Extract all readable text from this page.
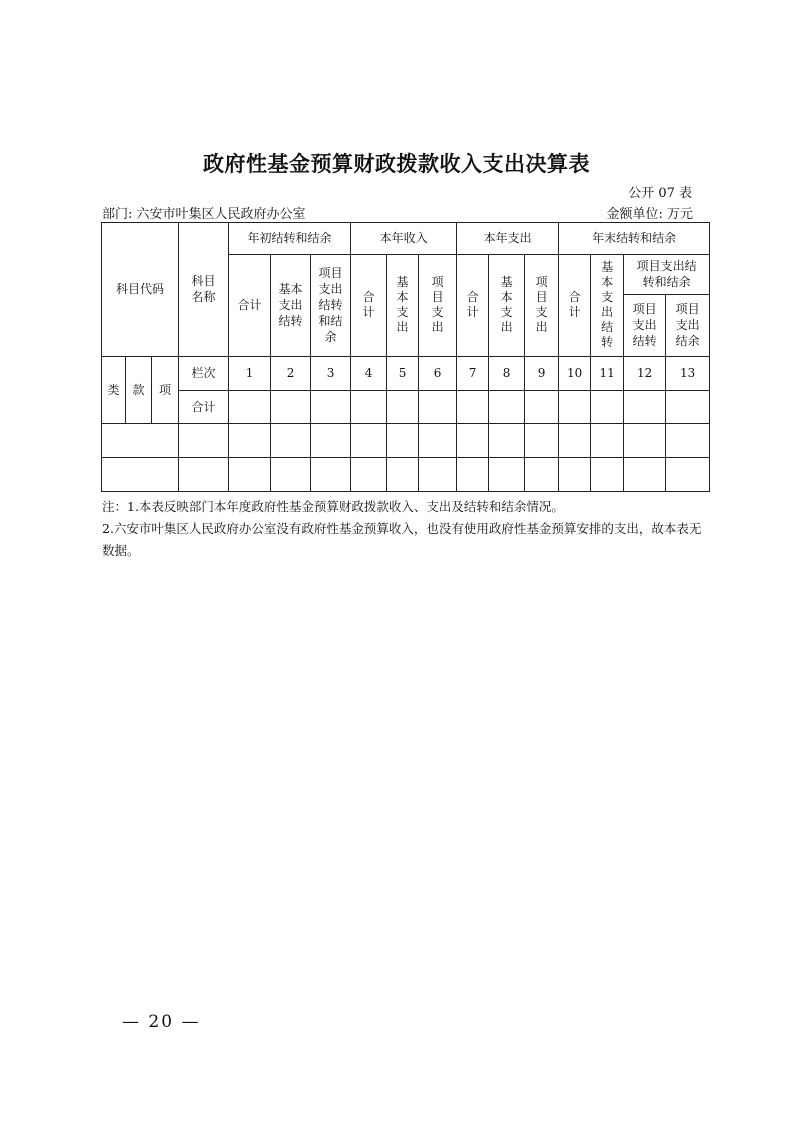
政府性基金预算财政拨款收入支出决算表
公开 07 表
部门: 六安市叶集区人民政府办公室	金额单位: 万元
科目代码			科目名称	年初结转和结余			本年收入			本年支出			年末结转和结余			
				合计	基本支出结转	项目支出结转和结余	合计	基本支出	项目支出	合计	基本支出	项目支出	合计	基本支出结转	项目支出结转和结余	
															项目支出结转	项目支出结余
类	款	项	栏次	1	2	3	4	5	6	7	8	9	10	11	12	13
			合计													

注：1.本表反映部门本年度政府性基金预算财政拨款收入、支出及结转和结余情况。
2.六安市叶集区人民政府办公室没有政府性基金预算收入，也没有使用政府性基金预算安排的支出，故本表无数据。
— 20 —
